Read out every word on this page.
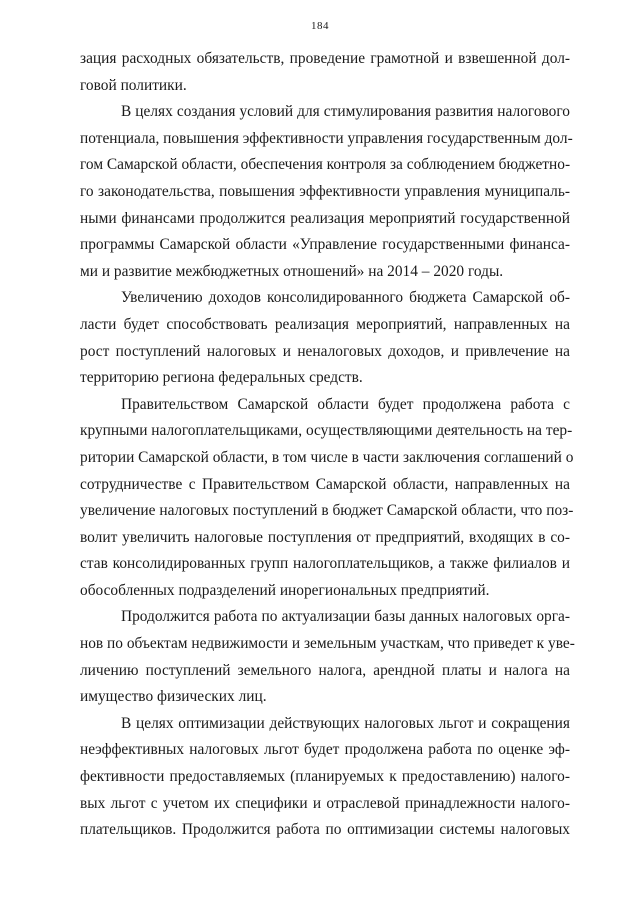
184
зация расходных обязательств, проведение грамотной и взвешенной дол-
говой политики.
В целях создания условий для стимулирования развития налогового
потенциала, повышения эффективности управления государственным дол-
гом Самарской области, обеспечения контроля за соблюдением бюджетно-
го законодательства, повышения эффективности управления муниципаль-
ными финансами продолжится реализация мероприятий государственной
программы Самарской области «Управление государственными финанса-
ми и развитие межбюджетных отношений» на 2014 – 2020 годы.
Увеличению доходов консолидированного бюджета Самарской об-
ласти будет способствовать реализация мероприятий, направленных на
рост поступлений налоговых и неналоговых доходов, и привлечение на
территорию региона федеральных средств.
Правительством Самарской области будет продолжена работа с
крупными налогоплательщиками, осуществляющими деятельность на тер-
ритории Самарской области, в том числе в части заключения соглашений о
сотрудничестве с Правительством Самарской области, направленных на
увеличение налоговых поступлений в бюджет Самарской области, что поз-
волит увеличить налоговые поступления от предприятий, входящих в со-
став консолидированных групп налогоплательщиков, а также филиалов и
обособленных подразделений инорегиональных предприятий.
Продолжится работа по актуализации базы данных налоговых орга-
нов по объектам недвижимости и земельным участкам, что приведет к уве-
личению поступлений земельного налога, арендной платы и налога на
имущество физических лиц.
В целях оптимизации действующих налоговых льгот и сокращения
неэффективных налоговых льгот будет продолжена работа по оценке эф-
фективности предоставляемых (планируемых к предоставлению) налого-
вых льгот с учетом их специфики и отраслевой принадлежности налого-
плательщиков. Продолжится работа по оптимизации системы налоговых
